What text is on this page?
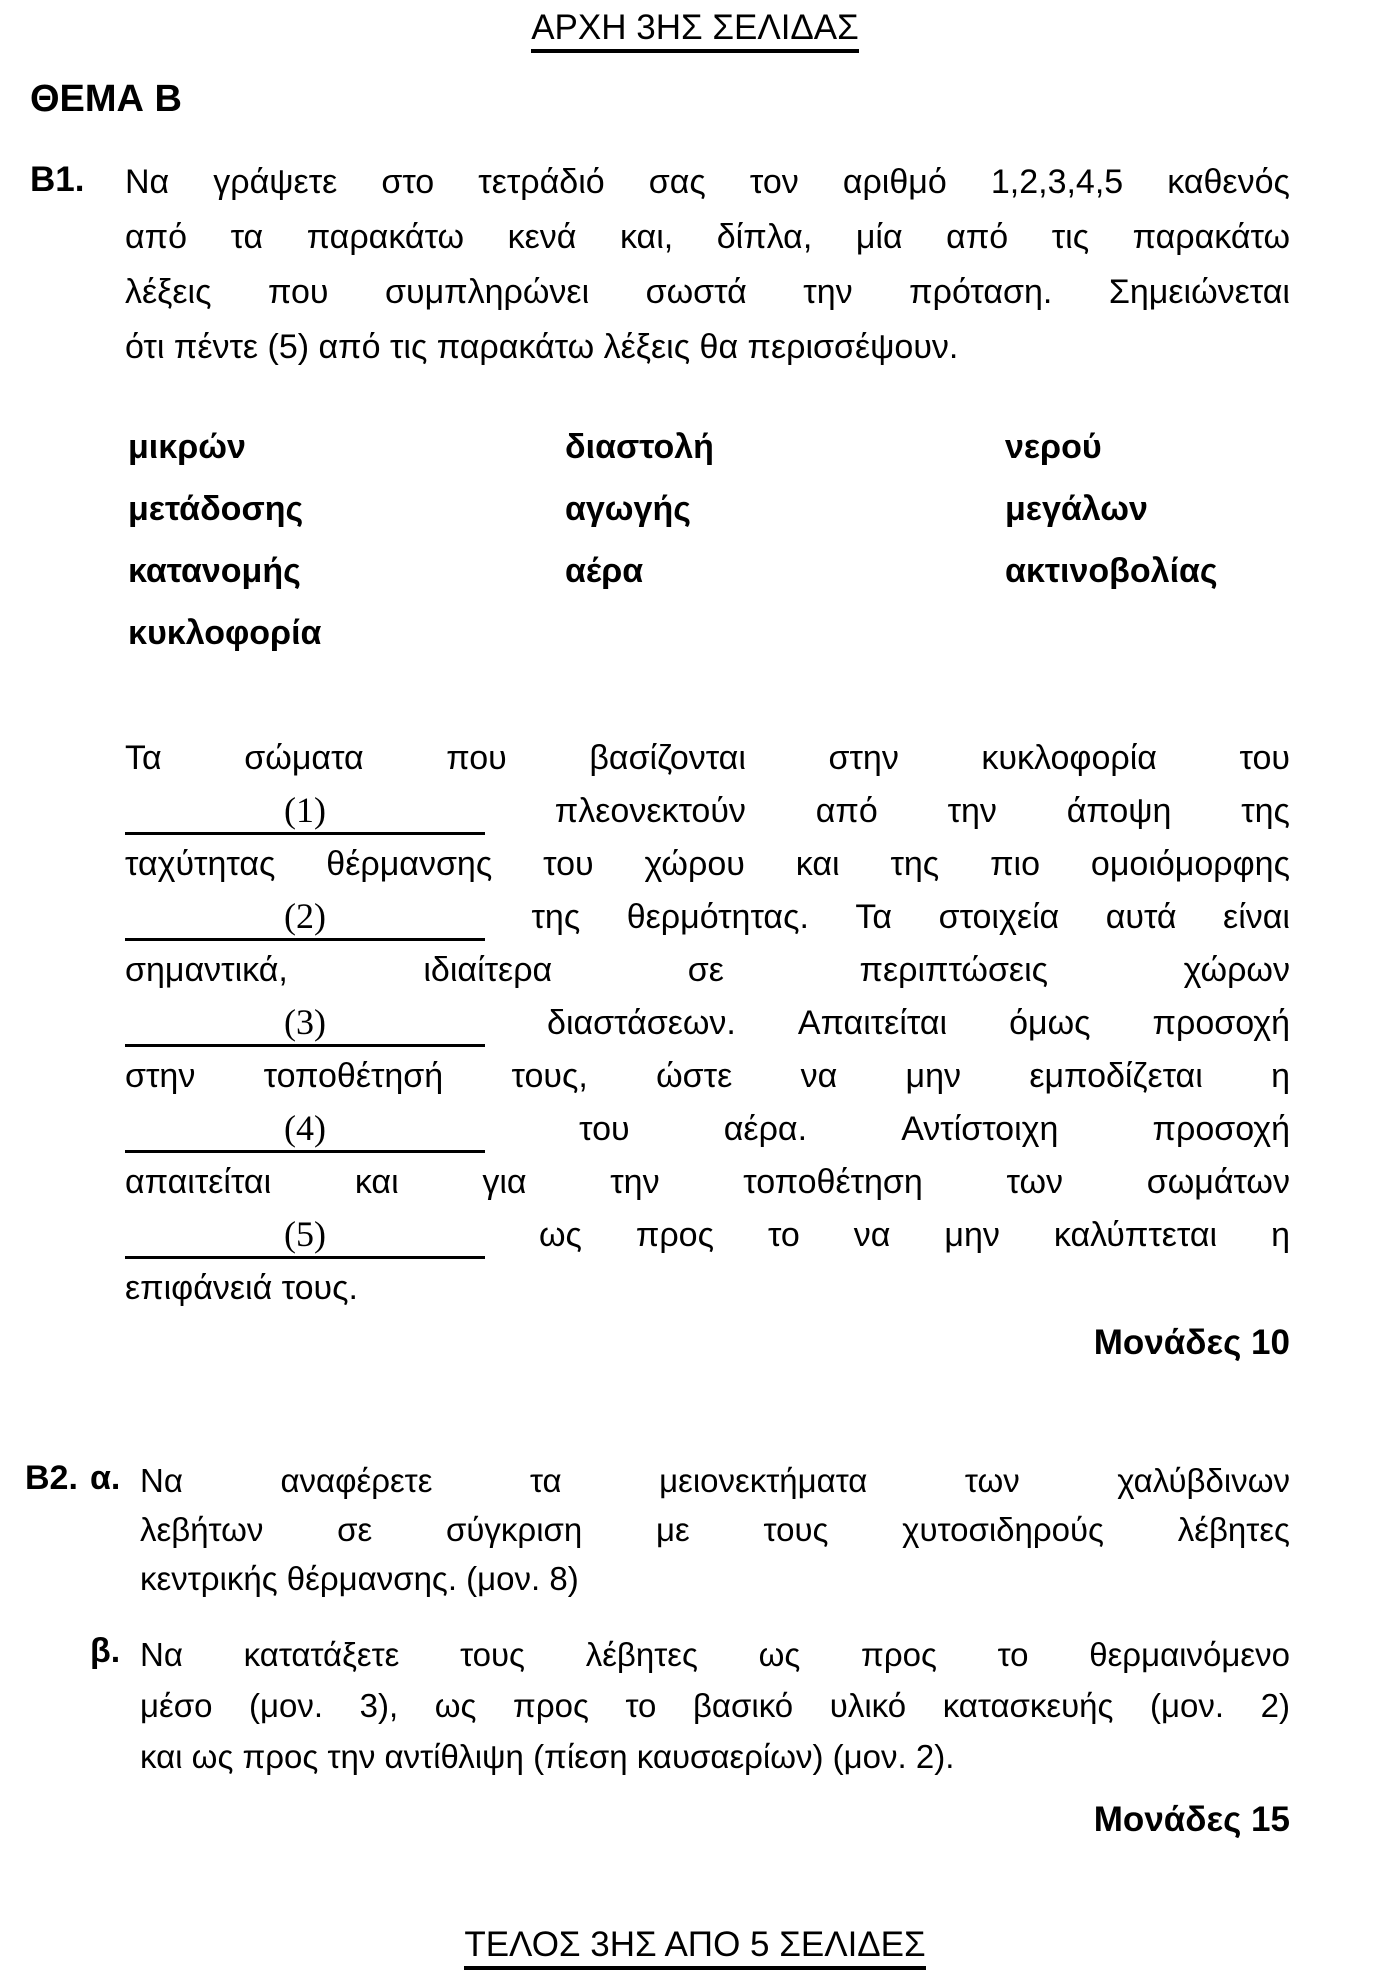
ΑΡΧΗ 3ΗΣ ΣΕΛΙΔΑΣ
ΘΕΜΑ Β
Β1. Να γράψετε στο τετράδιό σας τον αριθμό 1,2,3,4,5 καθενός
από τα παρακάτω κενά και, δίπλα, μία από τις παρακάτω
λέξεις που συμπληρώνει σωστά την πρόταση. Σημειώνεται
ότι πέντε (5) από τις παρακάτω λέξεις θα περισσέψουν.
μικρών	διαστολή	νερού
μετάδοσης	αγωγής	μεγάλων
κατανομής	αέρα	ακτινοβολίας
κυκλοφορία
Τα σώματα που βασίζονται στην κυκλοφορία του
(1)	πλεονεκτούν από την άποψη της
ταχύτητας θέρμανσης του χώρου και της πιο ομοιόμορφης
(2)	της θερμότητας. Τα στοιχεία αυτά είναι
σημαντικά,	ιδιαίτερα	σε	περιπτώσεις	χώρων
(3)	διαστάσεων. Απαιτείται όμως προσοχή
στην τοποθέτησή τους, ώστε να μην εμποδίζεται η
(4)	του	αέρα.	Αντίστοιχη	προσοχή
απαιτείται και για την τοποθέτηση των σωμάτων
(5)	ως προς το να μην καλύπτεται η
επιφάνειά τους.
Μονάδες 10
Β2. α. Να	αναφέρετε	τα	μειονεκτήματα	των	χαλύβδινων
λεβήτων σε σύγκριση με τους χυτοσιδηρούς λέβητες
κεντρικής θέρμανσης. (μον. 8)
β. Να κατατάξετε τους λέβητες ως προς το θερμαινόμενο
μέσο (μον. 3), ως προς το βασικό υλικό κατασκευής (μον. 2)
και ως προς την αντίθλιψη (πίεση καυσαερίων) (μον. 2).
Μονάδες 15
ΤΕΛΟΣ 3ΗΣ ΑΠΟ 5 ΣΕΛΙΔΕΣ
